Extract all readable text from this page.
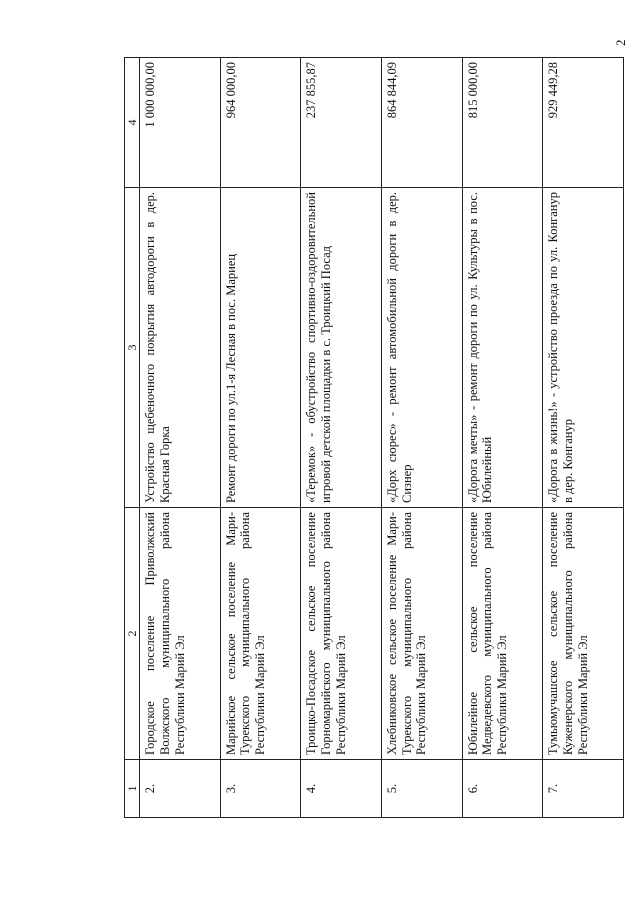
2
1	2	3	4
2.	Городское поселение Приволжский Волжского муниципального района Республики Марий Эл	Устройство щебеночного покрытия автодороги в дер. Красная Горка	1 000 000,00
3.	Марийское сельское поселение Мари-Турекского муниципального района Республики Марий Эл	Ремонт дороги по ул.1-я Лесная в пос. Мариец	964 000,00
4.	Троицко-Посадское сельское поселение Горномарийского муниципального района Республики Марий Эл	«Теремок» - обустройство спортивно-оздоровительной игровой детской площадки в с. Троицкий Посад	237 855,87
5.	Хлебниковское сельское поселение Мари-Турекского муниципального района Республики Марий Эл	«Дорх сюрес» - ремонт автомобильной дороги в дер. Сизнер	864 844,09
6.	Юбилейное сельское поселение Медведевского муниципального района Республики Марий Эл	«Дорога мечты» - ремонт дороги по ул. Культуры в пос. Юбилейный	815 000,00
7.	Тумьюмучашское сельское поселение Куженерского муниципального района Республики Марий Эл	«Дорога в жизнь!» - устройство проезда по ул. Конганур в дер. Конганур	929 449,28
